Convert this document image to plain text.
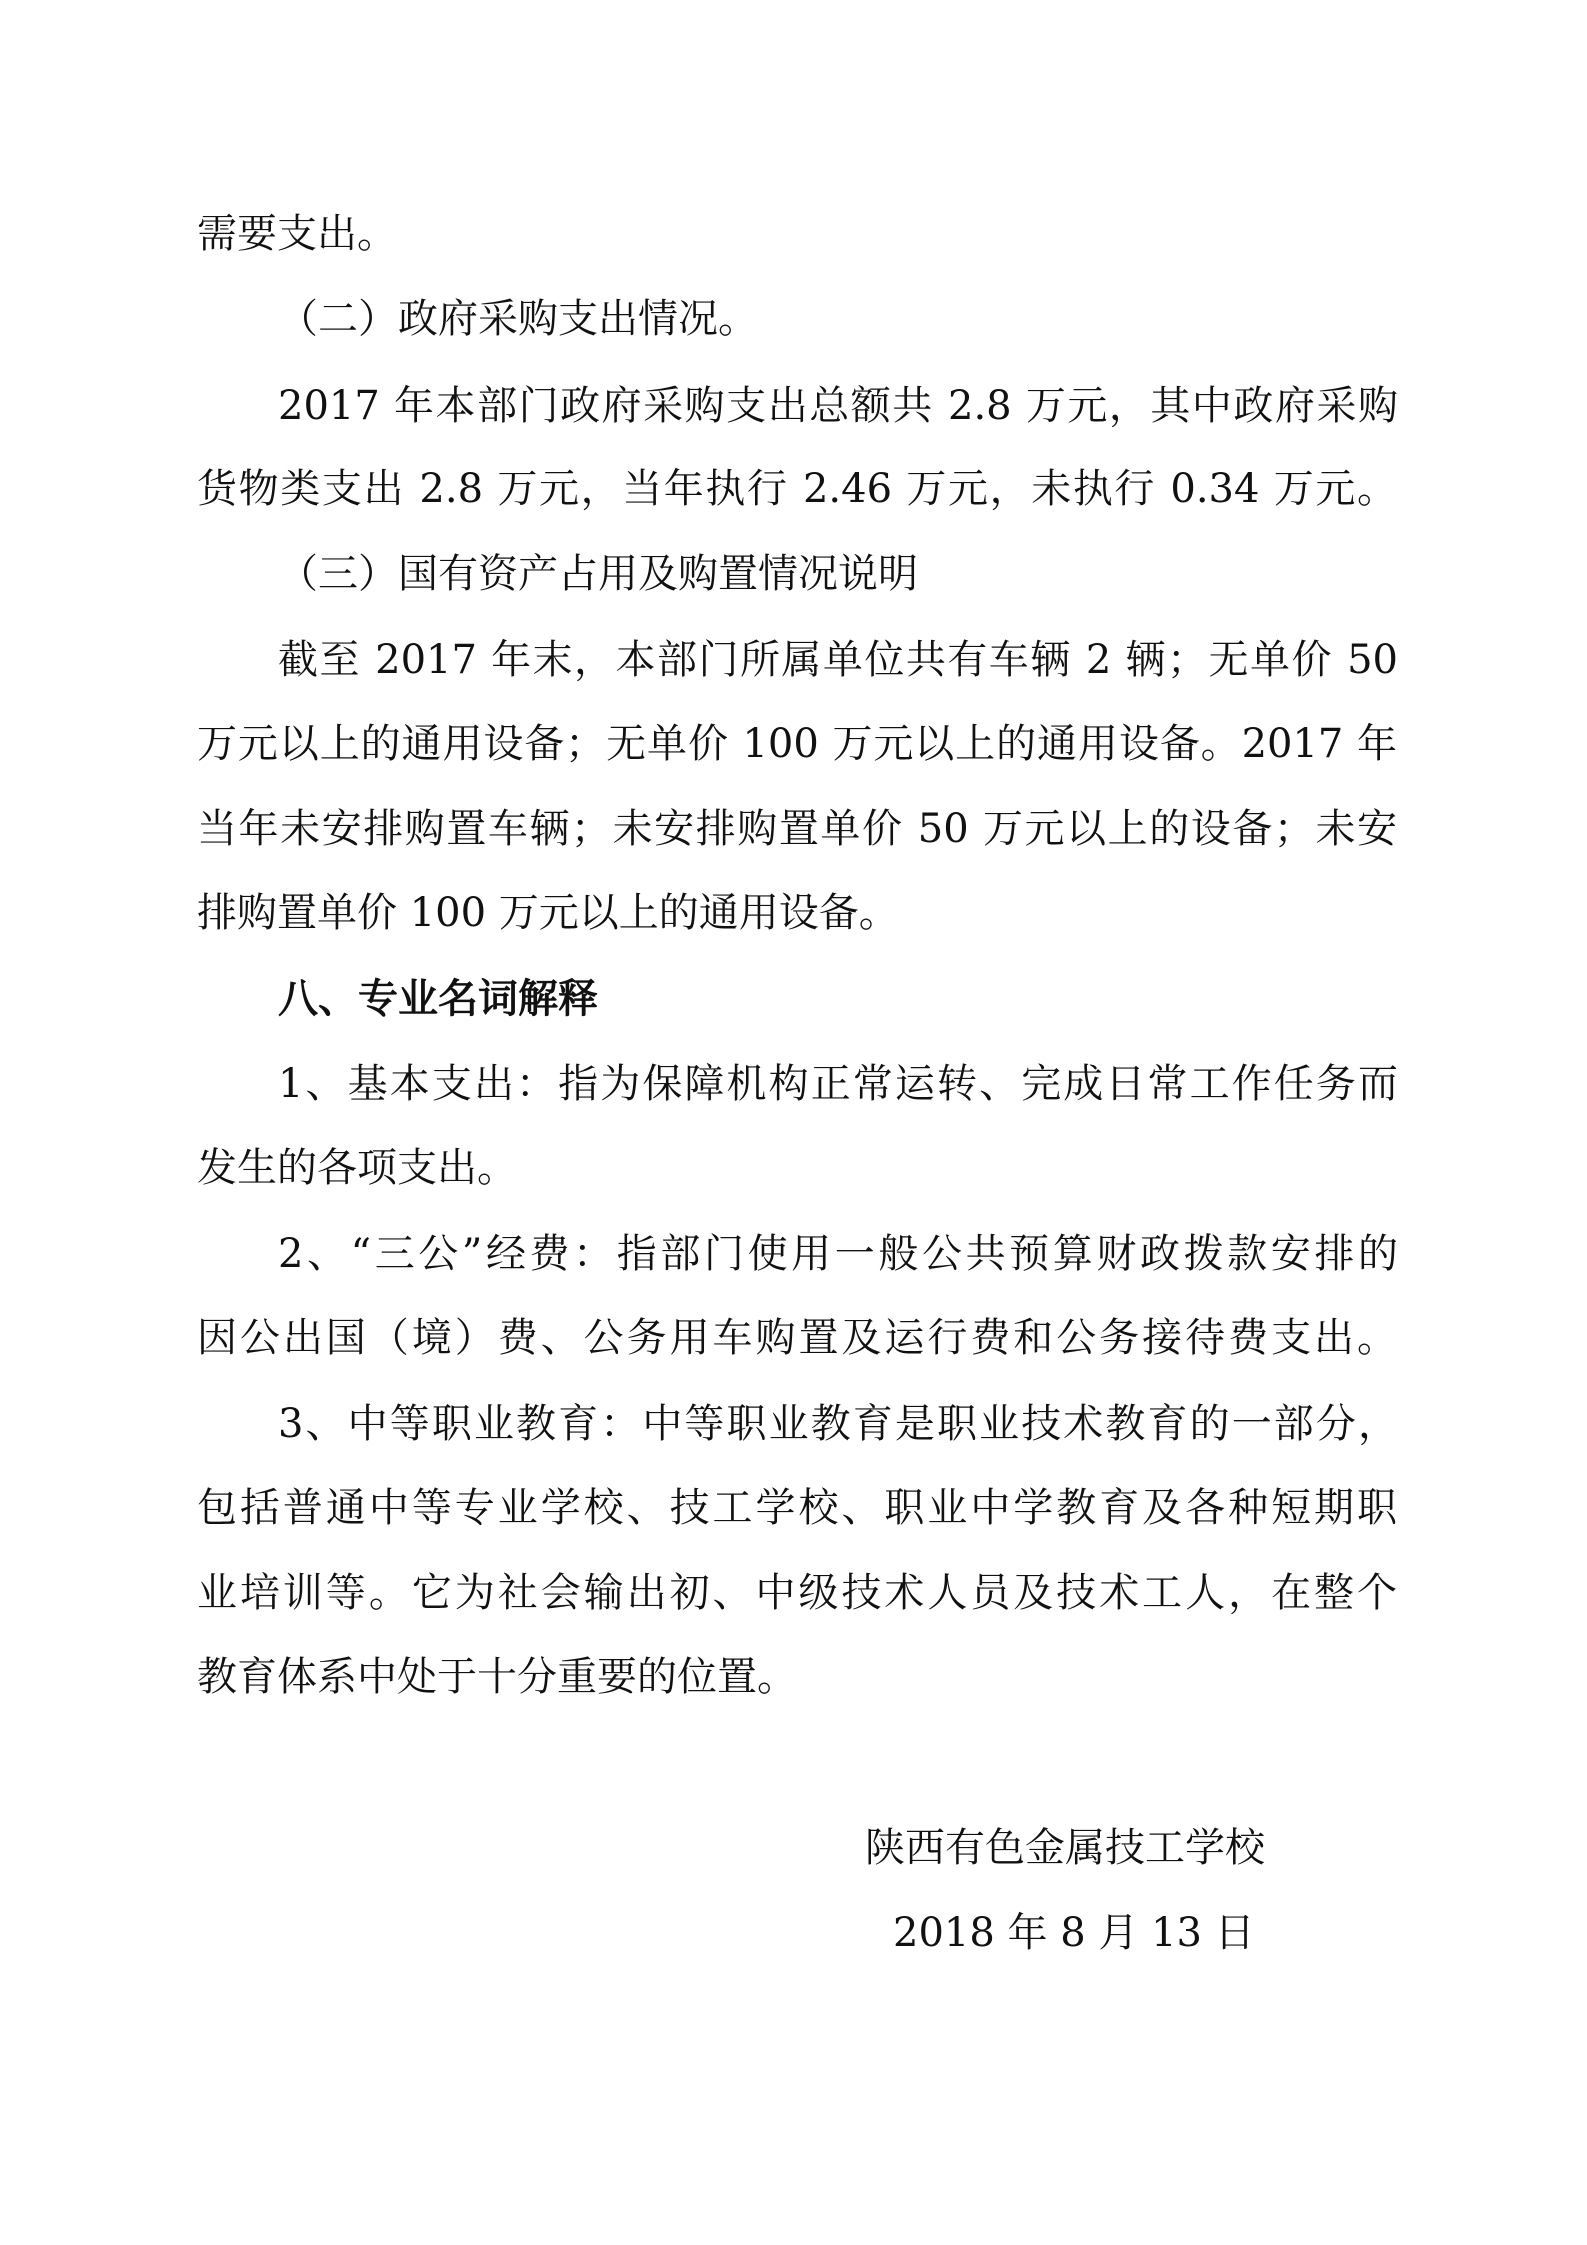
需要支出。
（二）政府采购支出情况。
2017 年本部门政府采购支出总额共 2.8 万元，其中政府采购
货物类支出 2.8 万元，当年执行 2.46 万元，未执行 0.34 万元。
（三）国有资产占用及购置情况说明
截至 2017 年末，本部门所属单位共有车辆 2 辆；无单价 50
万元以上的通用设备；无单价 100 万元以上的通用设备。2017 年
当年未安排购置车辆；未安排购置单价 50 万元以上的设备；未安
排购置单价 100 万元以上的通用设备。
八、专业名词解释
1、基本支出：指为保障机构正常运转、完成日常工作任务而
发生的各项支出。
2、“三公”经费：指部门使用一般公共预算财政拨款安排的
因公出国（境）费、公务用车购置及运行费和公务接待费支出。
3、中等职业教育：中等职业教育是职业技术教育的一部分，
包括普通中等专业学校、技工学校、职业中学教育及各种短期职
业培训等。它为社会输出初、中级技术人员及技术工人，在整个
教育体系中处于十分重要的位置。
陕西有色金属技工学校
2018 年 8 月 13 日
